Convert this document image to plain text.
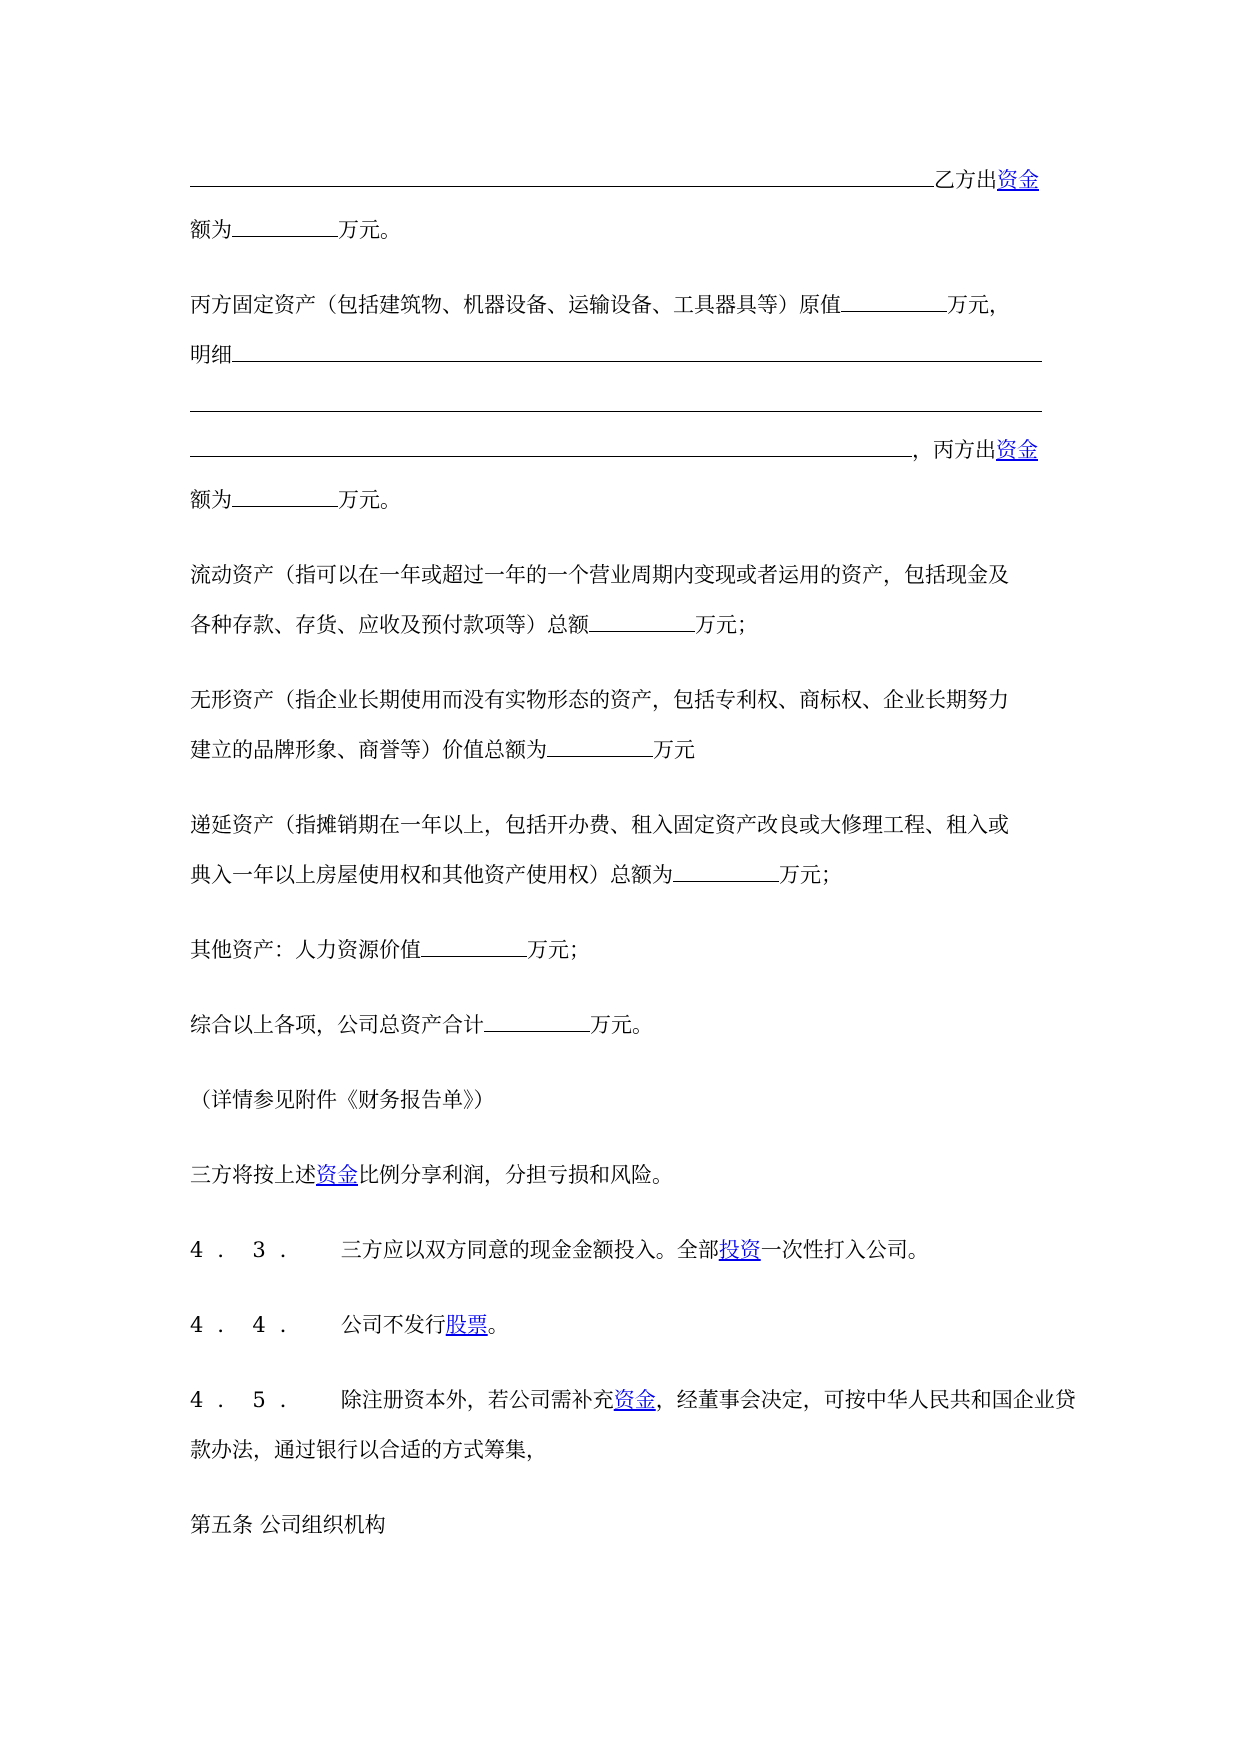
乙方出资金
额为	万元。
丙方固定资产（包括建筑物、机器设备、运输设备、工具器具等）原值	万元，
明细
，丙方出资金
额为	万元。
流动资产（指可以在一年或超过一年的一个营业周期内变现或者运用的资产，包括现金及
各种存款、存货、应收及预付款项等）总额	万元；
无形资产（指企业长期使用而没有实物形态的资产，包括专利权、商标权、企业长期努力
建立的品牌形象、商誉等）价值总额为	万元
递延资产（指摊销期在一年以上，包括开办费、租入固定资产改良或大修理工程、租入或
典入一年以上房屋使用权和其他资产使用权）总额为	万元；
其他资产：人力资源价值	万元；
综合以上各项，公司总资产合计	万元。
（详情参见附件《财务报告单》）
三方将按上述资金比例分享利润，分担亏损和风险。
4．3． 三方应以双方同意的现金金额投入。全部投资一次性打入公司。
4．4． 公司不发行股票。
4．5． 除注册资本外，若公司需补充资金，经董事会决定，可按中华人民共和国企业贷
款办法，通过银行以合适的方式筹集，
第五条 公司组织机构
